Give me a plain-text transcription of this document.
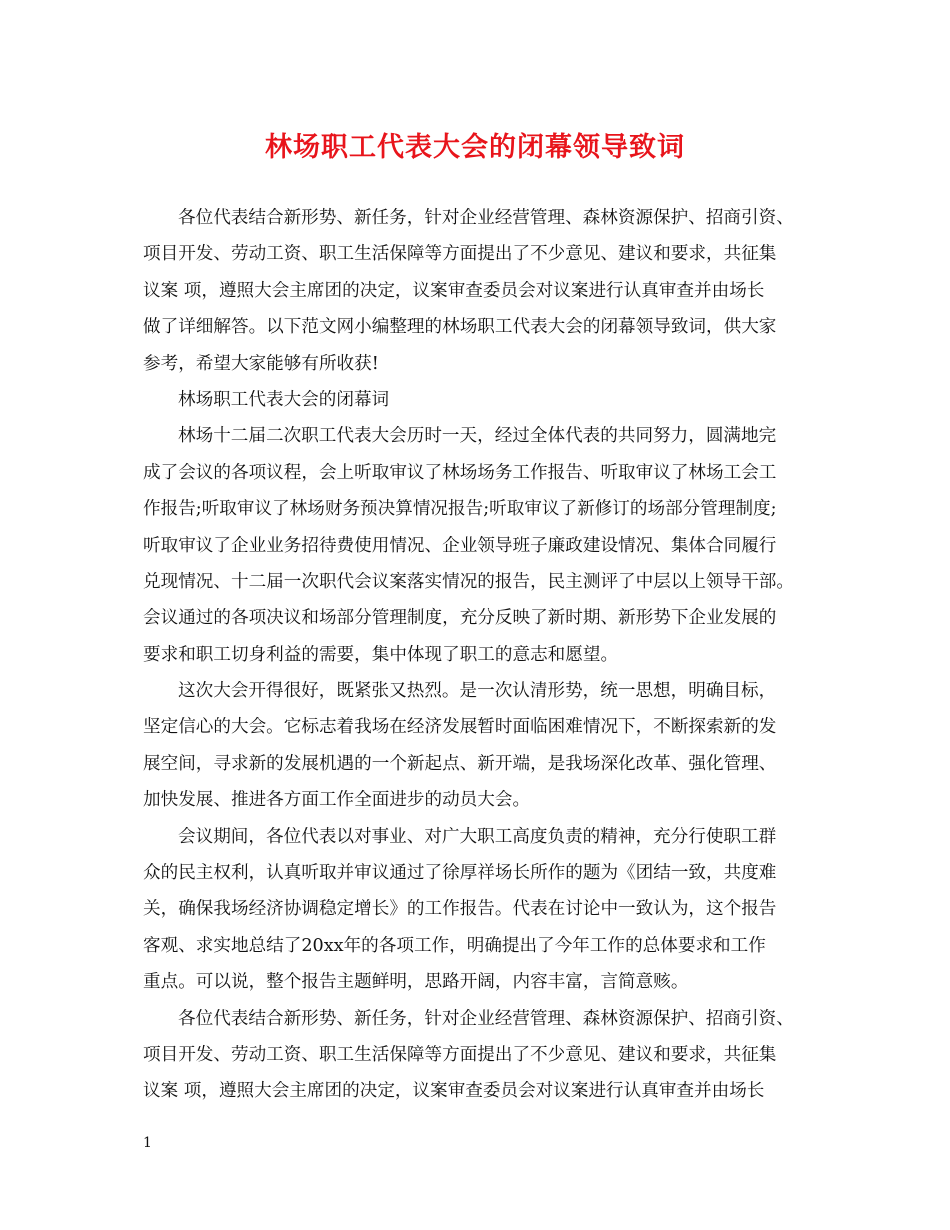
林场职工代表大会的闭幕领导致词
各位代表结合新形势、新任务，针对企业经营管理、森林资源保护、招商引资、
项目开发、劳动工资、职工生活保障等方面提出了不少意见、建议和要求，共征集
议案 项，遵照大会主席团的决定，议案审查委员会对议案进行认真审查并由场长
做了详细解答。以下范文网小编整理的林场职工代表大会的闭幕领导致词，供大家
参考，希望大家能够有所收获!
林场职工代表大会的闭幕词
林场十二届二次职工代表大会历时一天，经过全体代表的共同努力，圆满地完
成了会议的各项议程，会上听取审议了林场场务工作报告、听取审议了林场工会工
作报告;听取审议了林场财务预决算情况报告;听取审议了新修订的场部分管理制度;
听取审议了企业业务招待费使用情况、企业领导班子廉政建设情况、集体合同履行
兑现情况、十二届一次职代会议案落实情况的报告，民主测评了中层以上领导干部。
会议通过的各项决议和场部分管理制度，充分反映了新时期、新形势下企业发展的
要求和职工切身利益的需要，集中体现了职工的意志和愿望。
这次大会开得很好，既紧张又热烈。是一次认清形势，统一思想，明确目标，
坚定信心的大会。它标志着我场在经济发展暂时面临困难情况下，不断探索新的发
展空间，寻求新的发展机遇的一个新起点、新开端，是我场深化改革、强化管理、
加快发展、推进各方面工作全面进步的动员大会。
会议期间，各位代表以对事业、对广大职工高度负责的精神，充分行使职工群
众的民主权利，认真听取并审议通过了徐厚祥场长所作的题为《团结一致，共度难
关，确保我场经济协调稳定增长》的工作报告。代表在讨论中一致认为，这个报告
客观、求实地总结了20xx年的各项工作，明确提出了今年工作的总体要求和工作
重点。可以说，整个报告主题鲜明，思路开阔，内容丰富，言简意赅。
各位代表结合新形势、新任务，针对企业经营管理、森林资源保护、招商引资、
项目开发、劳动工资、职工生活保障等方面提出了不少意见、建议和要求，共征集
议案 项，遵照大会主席团的决定，议案审查委员会对议案进行认真审查并由场长
1
